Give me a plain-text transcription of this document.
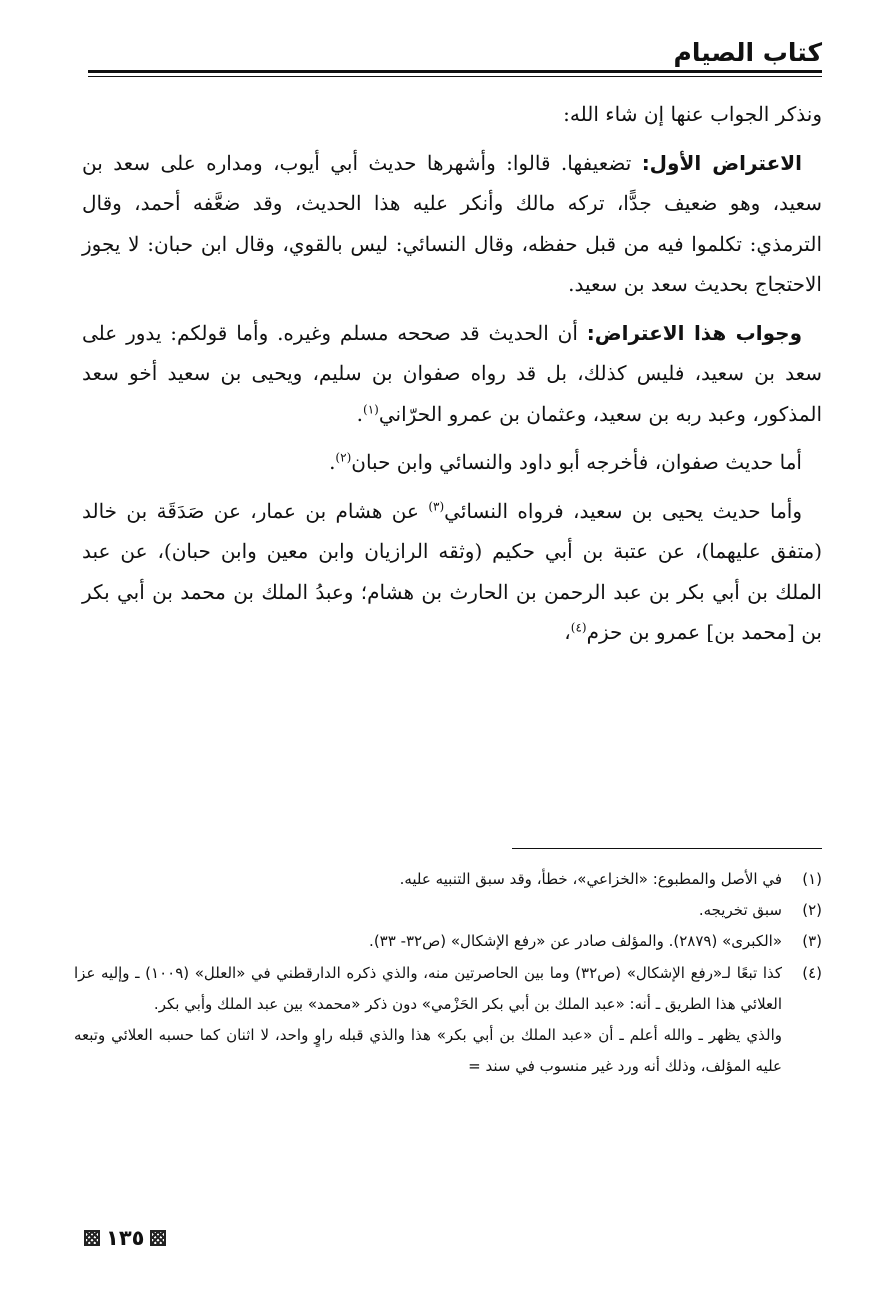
كتاب الصيام

ونذكر الجواب عنها إن شاء الله:

الاعتراض الأول: تضعيفها. قالوا: وأشهرها حديث أبي أيوب، ومداره على سعد بن سعيد، وهو ضعيف جدًّا، تركه مالك وأنكر عليه هذا الحديث، وقد ضعَّفه أحمد، وقال الترمذي: تكلموا فيه من قبل حفظه، وقال النسائي: ليس بالقوي، وقال ابن حبان: لا يجوز الاحتجاج بحديث سعد بن سعيد.

وجواب هذا الاعتراض: أن الحديث قد صححه مسلم وغيره. وأما قولكم: يدور على سعد بن سعيد، فليس كذلك، بل قد رواه صفوان بن سليم، ويحيى بن سعيد أخو سعد المذكور، وعبد ربه بن سعيد، وعثمان بن عمرو الحرّاني$^{(١)}$.

أما حديث صفوان، فأخرجه أبو داود والنسائي وابن حبان$^{(٢)}$.

وأما حديث يحيى بن سعيد، فرواه النسائي$^{(٣)}$ عن هشام بن عمار، عن صَدَقَة بن خالد (متفق عليهما)، عن عتبة بن أبي حكيم (وثقه الرازيان وابن معين وابن حبان)، عن عبد الملك بن أبي بكر بن عبد الرحمن بن الحارث بن هشام؛ وعبدُ الملك بن محمد بن أبي بكر بن [محمد بن] عمرو بن حزم$^{(٤)}$،

(١)
في الأصل والمطبوع: «الخزاعي»، خطأ، وقد سبق التنبيه عليه.
(٢)
سبق تخريجه.
(٣)
«الكبرى» (٢٨٧٩). والمؤلف صادر عن «رفع الإشكال» (ص٣٢- ٣٣).
(٤)
كذا تبعًا لـ«رفع الإشكال» (ص٣٢) وما بين الحاصرتين منه، والذي ذكره الدارقطني في «العلل» (١٠٠٩) ـ وإليه عزا العلائي هذا الطريق ـ أنه: «عبد الملك بن أبي بكر الحَزْمي» دون ذكر «محمد» بين عبد الملك وأبي بكر.
والذي يظهر ـ والله أعلم ـ أن «عبد الملك بن أبي بكر» هذا والذي قبله راوٍ واحد، لا اثنان كما حسبه العلائي وتبعه عليه المؤلف، وذلك أنه ورد غير منسوب في سند =
١٣٥
